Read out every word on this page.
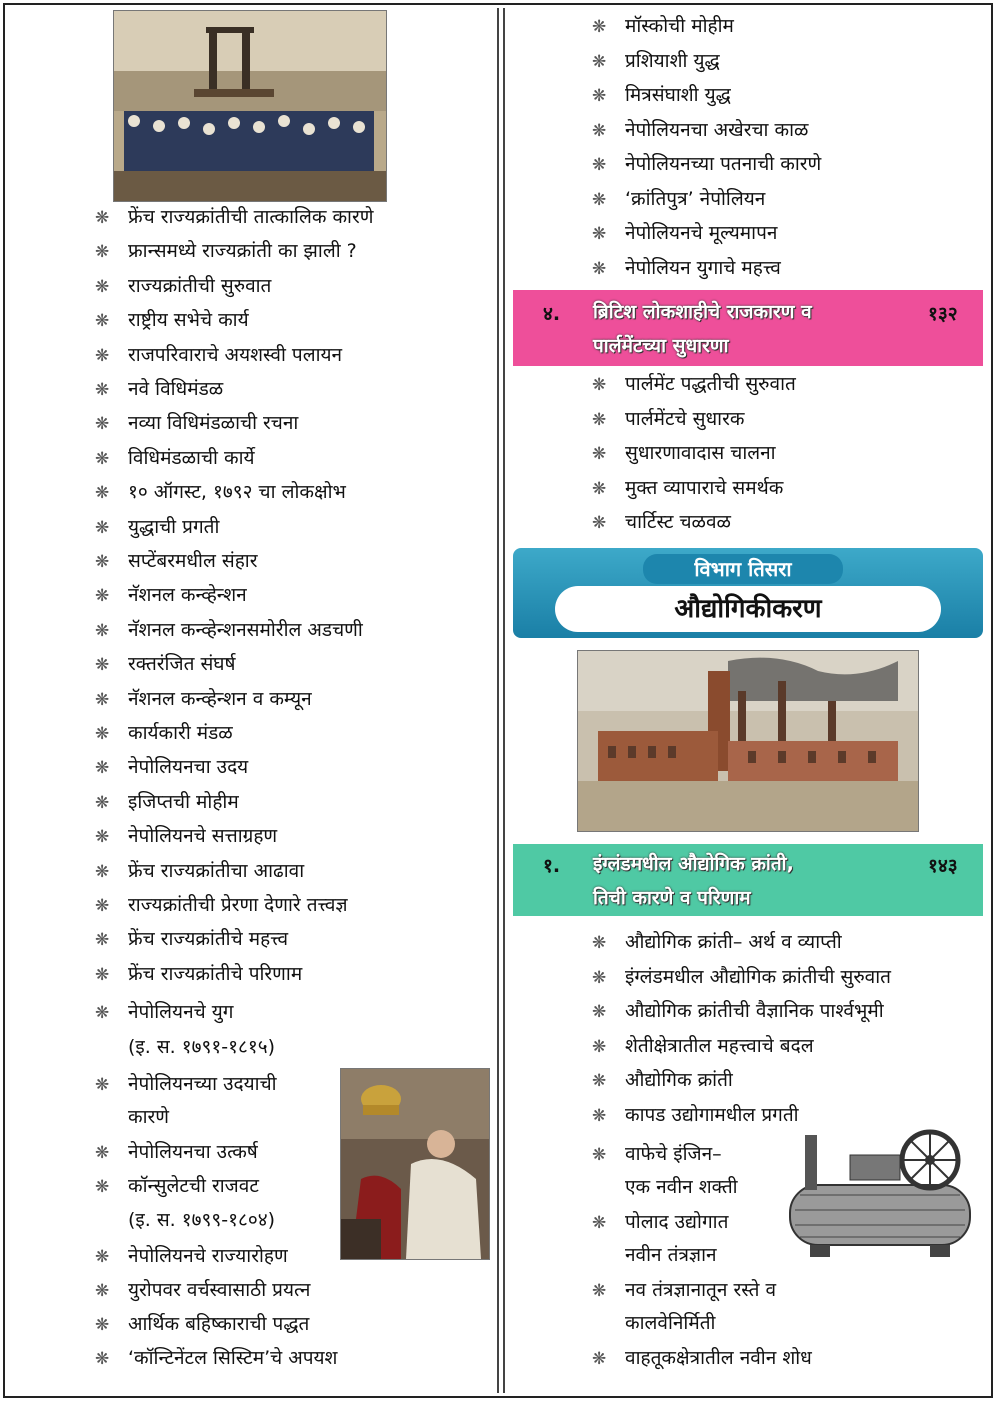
❋ फ्रेंच राज्यक्रांतीची तात्कालिक कारणे
❋ फ्रान्समध्ये राज्यक्रांती का झाली ?
❋ राज्यक्रांतीची सुरुवात
❋ राष्ट्रीय सभेचे कार्य
❋ राजपरिवाराचे अयशस्वी पलायन
❋ नवे विधिमंडळ
❋ नव्या विधिमंडळाची रचना
❋ विधिमंडळाची कार्ये
❋ १० ऑगस्ट, १७९२ चा लोकक्षोभ
❋ युद्धाची प्रगती
❋ सप्टेंबरमधील संहार
❋ नॅशनल कन्व्हेन्शन
❋ नॅशनल कन्व्हेन्शनसमोरील अडचणी
❋ रक्तरंजित संघर्ष
❋ नॅशनल कन्व्हेन्शन व कम्यून
❋ कार्यकारी मंडळ
❋ नेपोलियनचा उदय
❋ इजिप्तची मोहीम
❋ नेपोलियनचे सत्ताग्रहण
❋ फ्रेंच राज्यक्रांतीचा आढावा
❋ राज्यक्रांतीची प्रेरणा देणारे तत्त्वज्ञ
❋ फ्रेंच राज्यक्रांतीचे महत्त्व
❋ फ्रेंच राज्यक्रांतीचे परिणाम
❋ नेपोलियनचे युग
(इ. स. १७९१-१८१५)
❋ नेपोलियनच्या उदयाची
कारणे
❋ नेपोलियनचा उत्कर्ष
❋ कॉन्सुलेटची राजवट
(इ. स. १७९९-१८०४)
❋ नेपोलियनचे राज्यारोहण
❋ युरोपवर वर्चस्वासाठी प्रयत्न
❋ आर्थिक बहिष्काराची पद्धत
❋ ‘कॉन्टिनेंटल सिस्टिम’चे अपयश
❋ मॉस्कोची मोहीम
❋ प्रशियाशी युद्ध
❋ मित्रसंघाशी युद्ध
❋ नेपोलियनचा अखेरचा काळ
❋ नेपोलियनच्या पतनाची कारणे
❋ ‘क्रांतिपुत्र’ नेपोलियन
❋ नेपोलियनचे मूल्यमापन
❋ नेपोलियन युगाचे महत्त्व
४. ब्रिटिश लोकशाहीचे राजकारण व
पार्लमेंटच्या सुधारणा
१३२
❋ पार्लमेंट पद्धतीची सुरुवात
❋ पार्लमेंटचे सुधारक
❋ सुधारणावादास चालना
❋ मुक्त व्यापाराचे समर्थक
❋ चार्टिस्ट चळवळ
विभाग तिसरा
औद्योगिकीकरण
१. इंग्लंडमधील औद्योगिक क्रांती,
तिची कारणे व परिणाम
१४३
❋ औद्योगिक क्रांती– अर्थ व व्याप्ती
❋ इंग्लंडमधील औद्योगिक क्रांतीची सुरुवात
❋ औद्योगिक क्रांतीची वैज्ञानिक पार्श्वभूमी
❋ शेतीक्षेत्रातील महत्त्वाचे बदल
❋ औद्योगिक क्रांती
❋ कापड उद्योगामधील प्रगती
❋ वाफेचे इंजिन–
एक नवीन शक्ती
❋ पोलाद उद्योगात
नवीन तंत्रज्ञान
❋ नव तंत्रज्ञानातून रस्ते व
कालवेनिर्मिती
❋ वाहतूकक्षेत्रातील नवीन शोध
